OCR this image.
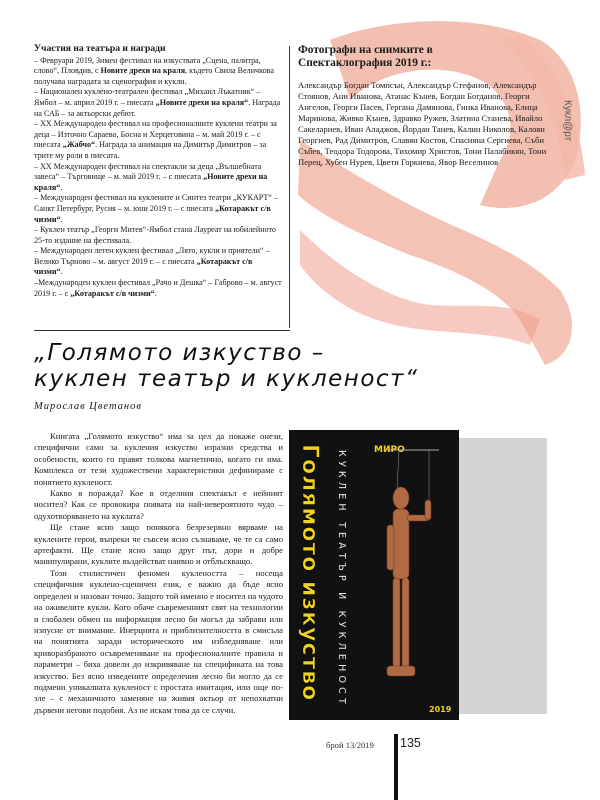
Участия на театъра и награди

– Февруари 2019, Зимен фестивал на изкуствата „Сцена, палитра, слово“, Пловдив, с Новите дрехи на краля, където Свила Величкова получава наградата за сценография и кукли.

– Национален кукленo-театрален фестивал „Михаил Лъкатник“ – Ямбол – м. април 2019 г. – пиесата „Новите дрехи на краля“. Награда на САБ – за актьорски дебют.

– XX Международен фестивал на професионалните куклени театри за деца – Източно Сарaево, Босна и Херцеговина – м. май 2019 г. – с пиесата „Жабчо“. Награда за анимация на Димитър Димитров – за трите му роли в пиесата.

– XX Международен фестивал на спектакли за деца „Вълшебната завеса“ – Търговище – м. май 2019 г. – с пиесата „Новите дрехи на краля“.

– Международен фестивал на кукленитe и Синтез театри „КУКАРТ“ – Санкт Петербург, Русия – м. юни 2019 г. – с пиесата „Котаракът с/в чизми“.

– Куклен театър „Георги Митев“-Ямбол стана Лауреат на юбилейното 25-то издание на фестивала.

– Международен летен куклен фестивал „Лято, кукли и приятели“ – Велико Търново – м. август 2019 г. – с пиесата „Котаракът с/в чизми“.

–Международен куклен фестивал „Рачо и Дешка“ – Габрово – м. август 2019 г. – с „Котаракът с/в чизми“.

Фотографи на снимките в
Спектаклография 2019 г.:
Александър Богдан Томпсън, Александър Стефанов, Александър Стоянов, Ани Иванова, Атанас Кънев, Богдан Богданов, Георги Ангелов, Георги Пасев, Гергана Дамянова, Гинка Иванова, Елица Маринова, Живко Кънев, Здравко Ружев, Златина Станева, Ивайло Сакелариев, Иван Аладжов, Йордан Танев, Калин Николов, Калоян Георгиев, Рад Димитров, Славян Костов, Спасияна Сергиева, Съби Събев, Теодора Тодорова, Тихомир Христов, Тони Палабикян, Тони Перец, Хубен Нурев, Цвети Горкиева, Явор Веселинов
Кукл@рт
„Голямото изкуство –
куклен театър и кукленост“
Мирослав Цветанов

Книгата „Голямото изкуство“ има за цел да покаже онези, специфични само за кукления изкуство изразни средства и особености, които го правят толкова магнетично, когато ги има. Комплекса от тези художествени характеристики дефинираме с понятието кукленост.

Какво я поражда? Кое в отделния спектакъл е нейният носител? Как се провокира появата на най-невероятното чудо – одухотворяването на куклата?

Ще стане ясно защо понякога безрезервно вярваме на кукленитe герои, въпреки че съвсем ясно съзнаваме, че те са само артефакти. Ще стане ясно защо друг път, дори и добре манипулирани, куклите въздействат наивно и отблъскващо.

Този стилистичен феномен куклеността – носеща специфичния кукленo-сценичен език, е важно да бъде ясно определен и назован точно. Защото той именно е носител на чудото на оживелите кукли. Кого обаче съвременният свят на технологии и глобален обмен на информация лесно би могъл да забрави или изпусне от внимание. Инерцията и приблизителността в смисъла на понятията заради историческото им избледняване или криворазбраното осъвременяване на професионалните правила и параметри – биха довели до изкривяване на спецификата на това изкуство. Без ясно изведените определения лесно би могло да се подмени уникалната кукленост с простата имитация, или още по-зле – с механичното заменяне на живия актьор от непохватни дървени негови подобия. Аз не искам това да се случи.

Голямото изкуство КУКЛЕН ТЕАТЪР И КУКЛЕНОСТ	МИРО
2019
брой 13/2019 135
